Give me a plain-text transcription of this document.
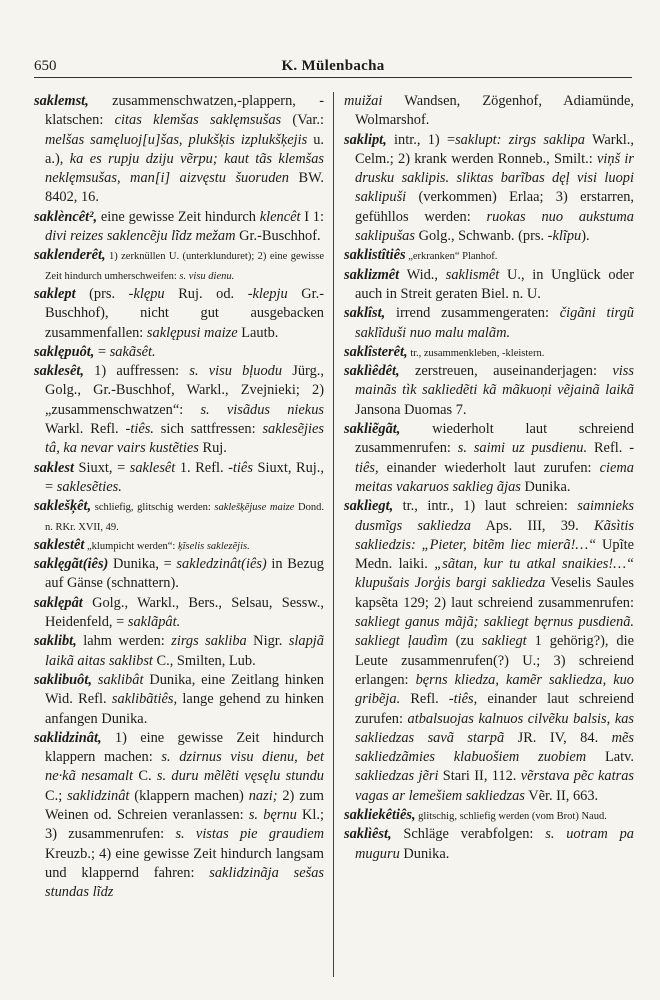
650	K. Mülenbacha

saklemst, zusammenschwatzen,-plappern, -klatschen: citas klemšas saklęmsušas (Var.: melšas samęluoj[u]šas, plukšķis izplukšķejis u. a.), ka es rupju dziju vẽrpu; kaut tãs klemšas neklęmsušas, man[i] aizvęstu šuoruden BW. 8402, 16.

saklèncêt², eine gewisse Zeit hindurch klencêt I 1: divi reizes saklencẽju lĩdz mežam Gr.-Buschhof.

saklenderêt, 1) zerknüllen U. (unterklunduret); 2) eine gewisse Zeit hindurch umherschweifen: s. visu dienu.

saklept (prs. -klępu Ruj. od. -klepju Gr.-Buschhof), nicht gut ausgebacken zusammenfallen: saklępusi maize Lautb.

saklępuôt, = sakãsêt.

saklesêt, 1) auffressen: s. visu bļuodu Jürg., Golg., Gr.-Buschhof, Warkl., Zvejnieki; 2) „zusammenschwatzen“: s. visãdus niekus Warkl. Refl. -tiês. sich sattfressen: saklesẽjies tâ, ka nevar vairs kustẽties Ruj.

saklest Siuxt, = saklesêt 1. Refl. -tiês Siuxt, Ruj., = saklesẽties.

saklešķêt, schliefig, glitschig werden: saklešķẽjuse maize Dond. n. RKr. XVII, 49.

saklestêt „klumpicht werden“: ķĩselis saklezẽjis.

saklęgãt(iês) Dunika, = sakledzinât(iês) in Bezug auf Gänse (schnattern).

saklępât Golg., Warkl., Bers., Selsau, Sessw., Heidenfeld, = saklãpât.

saklibt, lahm werden: zirgs sakliba Nigr. slapjã laikã aitas saklibst C., Smilten, Lub.

saklibuôt, saklibât Dunika, eine Zeitlang hinken Wid. Refl. saklibãtiês, lange gehend zu hinken anfangen Dunika.

saklidzinât, 1) eine gewisse Zeit hindurch klappern machen: s. dzirnus visu dienu, bet ne·kã nesamalt C. s. duru mẽlẽti vęsęlu stundu C.; saklidzinât (klappern machen) nazi; 2) zum Weinen od. Schreien veranlassen: s. bęrnu Kl.; 3) zusammenrufen: s. vistas pie graudiem Kreuzb.; 4) eine gewisse Zeit hindurch langsam und klappernd fahren: saklidzinãja sešas stundas lĩdz

muižai Wandsen, Zögenhof, Adiamünde, Wolmarshof.

saklipt, intr., 1) =saklupt: zirgs saklipa Warkl., Celm.; 2) krank werden Ronneb., Smilt.: viņš ir drusku saklipis. sliktas barĩbas dęļ visi luopi saklipuši (verkommen) Erlaa; 3) erstarren, gefühllos werden: ruokas nuo aukstuma saklipušas Golg., Schwanb. (prs. -klĩpu).

saklistîtiês „erkranken“ Planhof.

saklizmêt Wid., saklismêt U., in Unglück oder auch in Streit geraten Biel. n. U.

saklîst, irrend zusammengeraten: čigãni tirgũ saklĩduši nuo malu malãm.

saklîsterêt, tr., zusammenkleben, -kleistern.

saklìêdêt, zerstreuen, auseinanderjagen: viss mainãs tìk sakliedẽti kã mãkuoņi vẽjainã laikã Jansona Duomas 7.

sakliẽgãt, wiederholt laut schreiend zusammenrufen: s. saimi uz pusdienu. Refl. -tiês, einander wiederholt laut zurufen: ciema meitas vakaruos saklieg ãjas Dunika.

saklìegt, tr., intr., 1) laut schreien: saimnieks dusmĩgs sakliedza Aps. III, 39. Kãsìtis sakliedzis: „Pieter, bitẽm liec mierã!…“ Upĩte Medn. laiki. „sãtan, kur tu atkal snaikies!…“ klupušais Jorģis bargi sakliedza Veselis Saules kapsẽta 129; 2) laut schreiend zusammenrufen: sakliegt ganus mãjã; sakliegt bęrnus pusdienã. sakliegt ļaudìm (zu sakliegt 1 gehörig?), die Leute zusammenrufen(?) U.; 3) schreiend erlangen: bęrns kliedza, kamẽr sakliedza, kuo gribẽja. Refl. -tiês, einander laut schreiend zurufen: atbalsuojas kalnuos cilvẽku balsis, kas sakliedzas savã starpã JR. IV, 84. mẽs sakliedzãmies klabuošiem zuobiem Latv. sakliedzas jẽri Stari II, 112. vẽrstava pẽc katras vagas ar lemešiem sakliedzas Vẽr. II, 663.

sakliekêtiês, glitschig, schliefig werden (vom Brot) Naud.

saklìêst, Schläge verabfolgen: s. uotram pa muguru Dunika.
